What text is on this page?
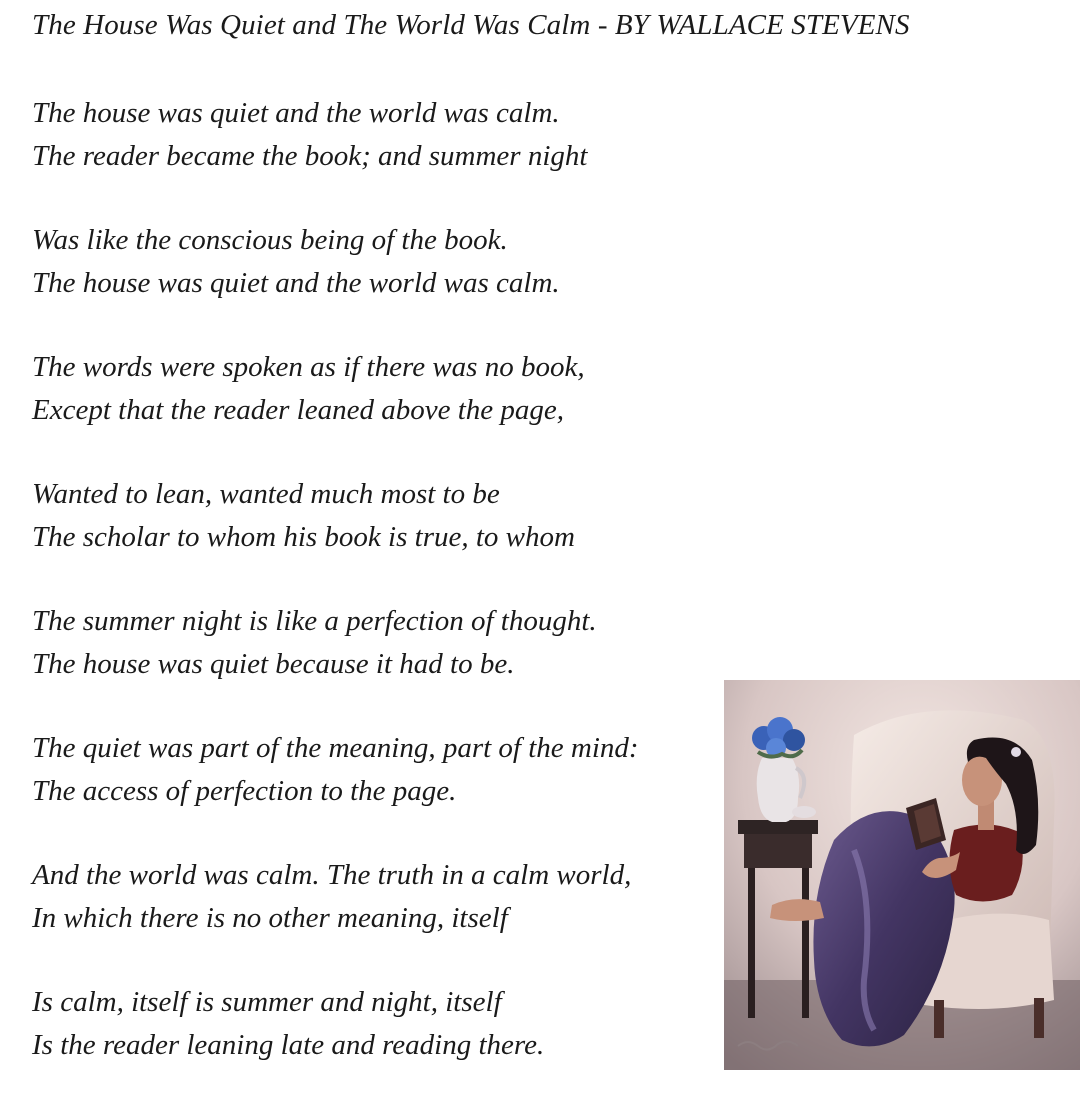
The House Was Quiet and The World Was Calm - BY WALLACE STEVENS
The house was quiet and the world was calm.
The reader became the book; and summer night
Was like the conscious being of the book.
The house was quiet and the world was calm.
The words were spoken as if there was no book,
Except that the reader leaned above the page,
Wanted to lean, wanted much most to be
The scholar to whom his book is true, to whom
The summer night is like a perfection of thought.
The house was quiet because it had to be.
The quiet was part of the meaning, part of the mind:
The access of perfection to the page.
And the world was calm. The truth in a calm world,
In which there is no other meaning, itself
Is calm, itself is summer and night, itself
Is the reader leaning late and reading there.
